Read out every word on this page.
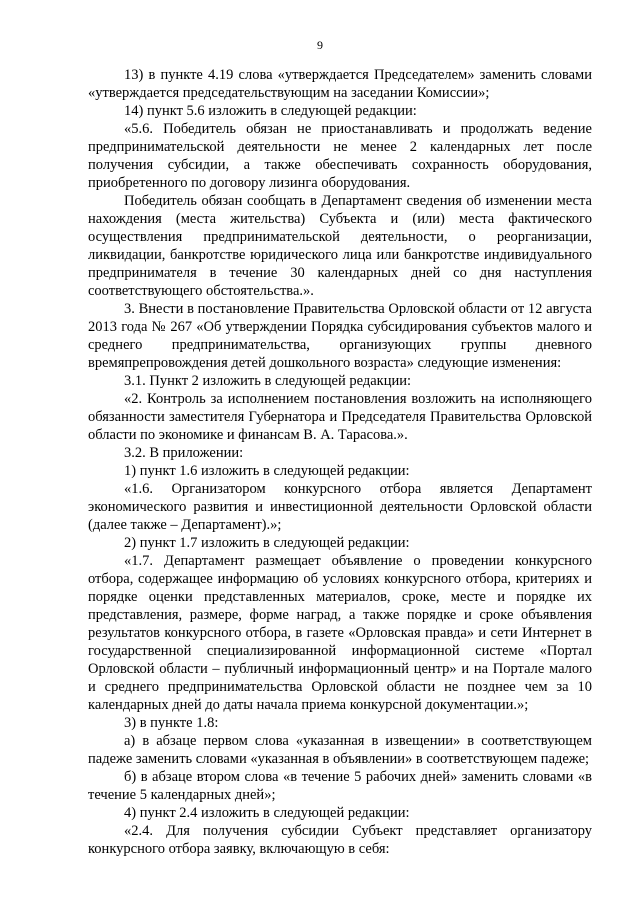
9

13) в пункте 4.19 слова «утверждается Председателем» заменить словами «утверждается председательствующим на заседании Комиссии»;

14) пункт 5.6 изложить в следующей редакции:

«5.6. Победитель обязан не приостанавливать и продолжать ведение предпринимательской деятельности не менее 2 календарных лет после получения субсидии, а также обеспечивать сохранность оборудования, приобретенного по договору лизинга оборудования.

Победитель обязан сообщать в Департамент сведения об изменении места нахождения (места жительства) Субъекта и (или) места фактического осуществления предпринимательской деятельности, о реорганизации, ликвидации, банкротстве юридического лица или банкротстве индивидуального предпринимателя в течение 30 календарных дней со дня наступления соответствующего обстоятельства.».

3. Внести в постановление Правительства Орловской области от 12 августа 2013 года № 267 «Об утверждении Порядка субсидирования субъектов малого и среднего предпринимательства, организующих группы дневного времяпрепровождения детей дошкольного возраста» следующие изменения:

3.1. Пункт 2 изложить в следующей редакции:

«2. Контроль за исполнением постановления возложить на исполняющего обязанности заместителя Губернатора и Председателя Правительства Орловской области по экономике и финансам В. А. Тарасова.».

3.2. В приложении:

1) пункт 1.6 изложить в следующей редакции:

«1.6. Организатором конкурсного отбора является Департамент экономического развития и инвестиционной деятельности Орловской области (далее также – Департамент).»;

2) пункт 1.7 изложить в следующей редакции:

«1.7. Департамент размещает объявление о проведении конкурсного отбора, содержащее информацию об условиях конкурсного отбора, критериях и порядке оценки представленных материалов, сроке, месте и порядке их представления, размере, форме наград, а также порядке и сроке объявления результатов конкурсного отбора, в газете «Орловская правда» и сети Интернет в государственной специализированной информационной системе «Портал Орловской области – публичный информационный центр» и на Портале малого и среднего предпринимательства Орловской области не позднее чем за 10 календарных дней до даты начала приема конкурсной документации.»;

3) в пункте 1.8:

а) в абзаце первом слова «указанная в извещении» в соответствующем падеже заменить словами «указанная в объявлении» в соответствующем падеже;

б) в абзаце втором слова «в течение 5 рабочих дней» заменить словами «в течение 5 календарных дней»;

4) пункт 2.4 изложить в следующей редакции:

«2.4. Для получения субсидии Субъект представляет организатору конкурсного отбора заявку, включающую в себя:
